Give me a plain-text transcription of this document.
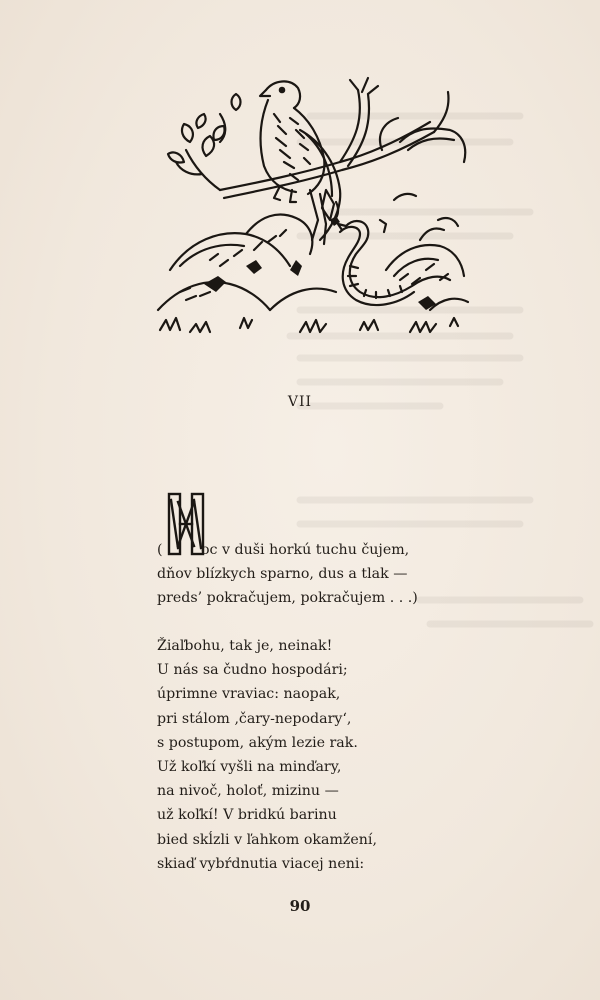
VII
(	oc v duši horkú tuchu čujem,
dňov blízkych sparno, dus a tlak —
preds’ pokračujem, pokračujem . . .)
Žiaľbohu, tak je, neinak!
U nás sa čudno hospodári;
úprimne vraviac: naopak,
pri stálom ‚čary-nepodary‘,
s postupom, akým lezie rak.
Už koľkí vyšli na minďary,
na nivoč, holoť, mizinu —
už koľkí! V bridkú barinu
bied skĺzli v ľahkom okamžení,
skiaď vybŕdnutia viacej neni:
90
